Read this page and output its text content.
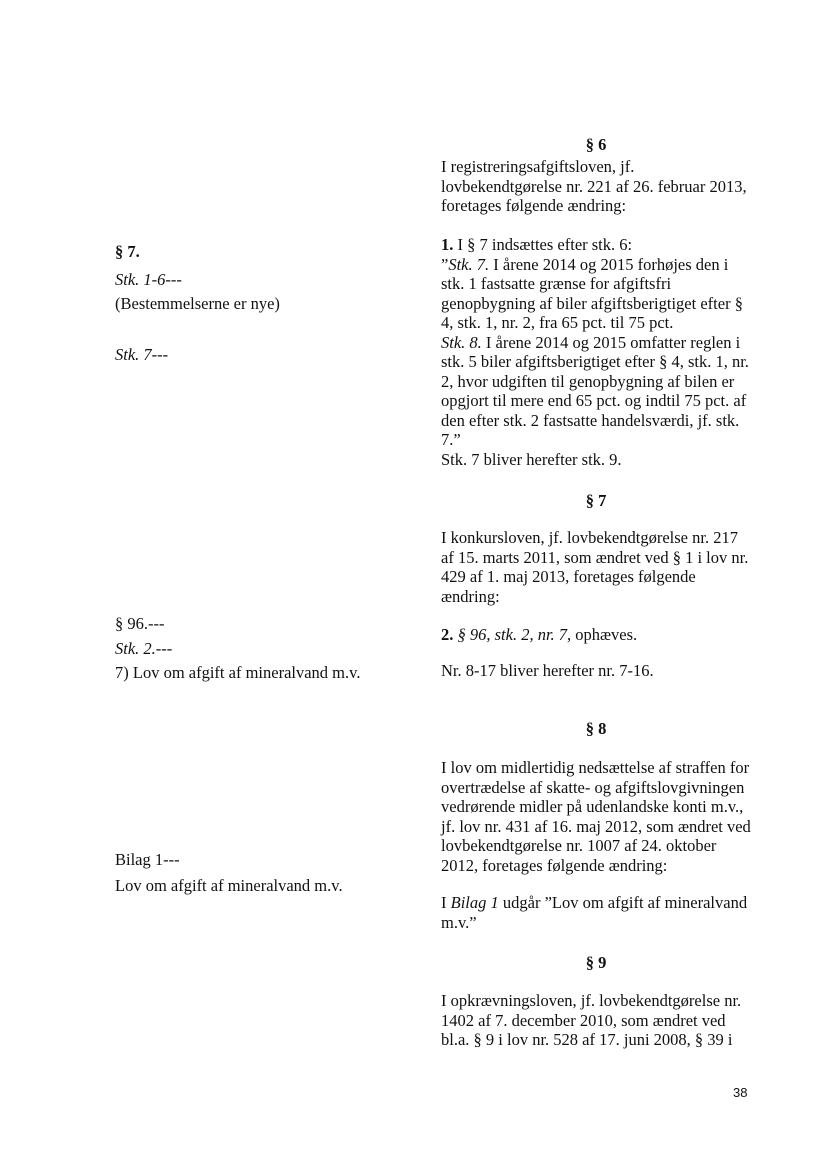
§ 7.
Stk. 1-6---
(Bestemmelserne er nye)
Stk. 7---
§ 96.---
Stk. 2.---
7) Lov om afgift af mineralvand m.v.
Bilag 1---
Lov om afgift af mineralvand m.v.
§ 6
I registreringsafgiftsloven, jf.
lovbekendtgørelse nr. 221 af 26. februar 2013,
foretages følgende ændring:
1. I § 7 indsættes efter stk. 6:
”Stk. 7. I årene 2014 og 2015 forhøjes den i
stk. 1 fastsatte grænse for afgiftsfri
genopbygning af biler afgiftsberigtiget efter §
4, stk. 1, nr. 2, fra 65 pct. til 75 pct.
Stk. 8. I årene 2014 og 2015 omfatter reglen i
stk. 5 biler afgiftsberigtiget efter § 4, stk. 1, nr.
2, hvor udgiften til genopbygning af bilen er
opgjort til mere end 65 pct. og indtil 75 pct. af
den efter stk. 2 fastsatte handelsværdi, jf. stk.
7.”
Stk. 7 bliver herefter stk. 9.
§ 7
I konkursloven, jf. lovbekendtgørelse nr. 217
af 15. marts 2011, som ændret ved § 1 i lov nr.
429 af 1. maj 2013, foretages følgende
ændring:
2. § 96, stk. 2, nr. 7, ophæves.
Nr. 8-17 bliver herefter nr. 7-16.
§ 8
I lov om midlertidig nedsættelse af straffen for
overtrædelse af skatte- og afgiftslovgivningen
vedrørende midler på udenlandske konti m.v.,
jf. lov nr. 431 af 16. maj 2012, som ændret ved
lovbekendtgørelse nr. 1007 af 24. oktober
2012, foretages følgende ændring:
I Bilag 1 udgår ”Lov om afgift af mineralvand
m.v.”
§ 9
I opkrævningsloven, jf. lovbekendtgørelse nr.
1402 af 7. december 2010, som ændret ved
bl.a. § 9 i lov nr. 528 af 17. juni 2008, § 39 i
38
